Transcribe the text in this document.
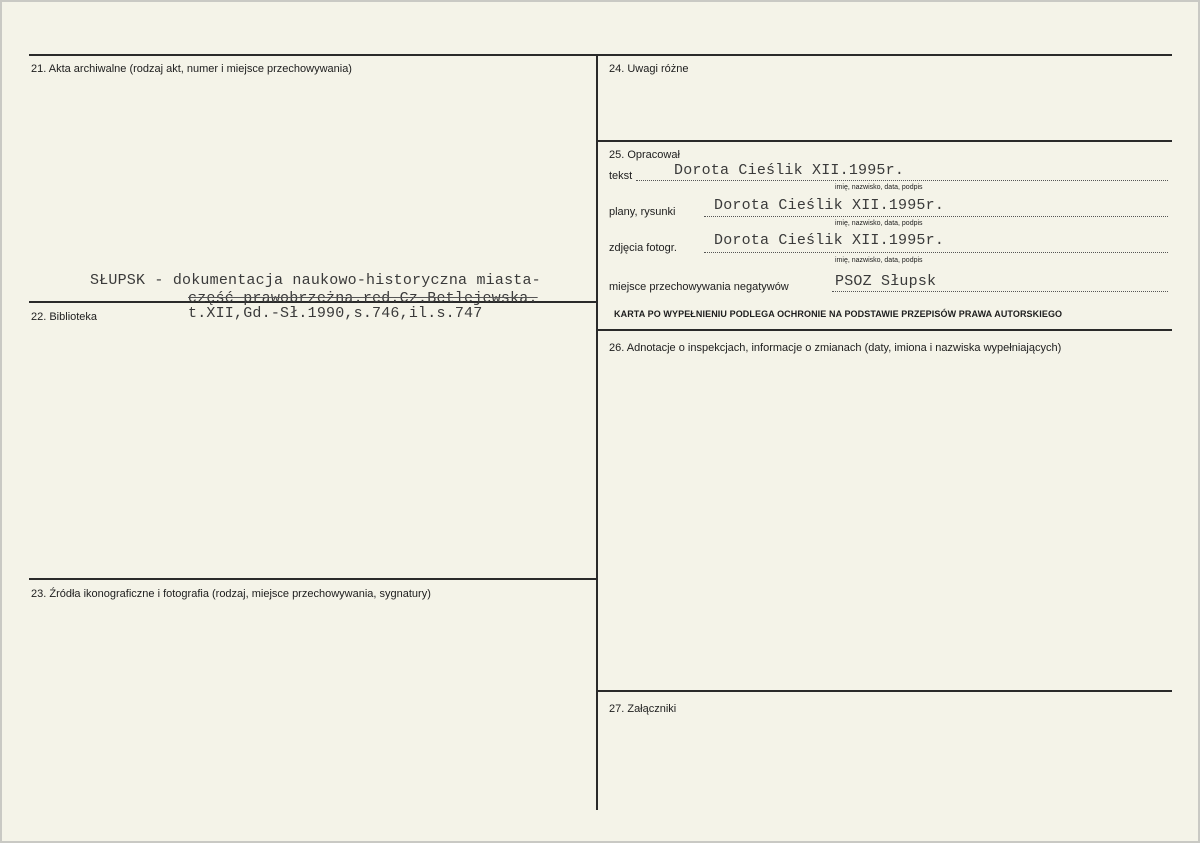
21. Akta archiwalne (rodzaj akt, numer i miejsce przechowywania)
22. Biblioteka
23. Źródła ikonograficzne i fotografia (rodzaj, miejsce przechowywania, sygnatury)
SŁUPSK - dokumentacja naukowo-historyczna miasta-
część prawobrzeżna.red.Cz.Betlejewska.
t.XII,Gd.-Sł.1990,s.746,il.s.747
24. Uwagi różne
25. Opracował
26. Adnotacje o inspekcjach, informacje o zmianach (daty, imiona i nazwiska wypełniających)
27. Załączniki
tekst	Dorota Cieślik XII.1995r.
imię, nazwisko, data, podpis
plany, rysunki	Dorota Cieślik XII.1995r.
imię, nazwisko, data, podpis
zdjęcia fotogr. Dorota Cieślik XII.1995r.
imię, nazwisko, data, podpis
miejsce przechowywania negatywów	PSOZ Słupsk
KARTA PO WYPEŁNIENIU PODLEGA OCHRONIE NA PODSTAWIE PRZEPISÓW PRAWA AUTORSKIEGO
